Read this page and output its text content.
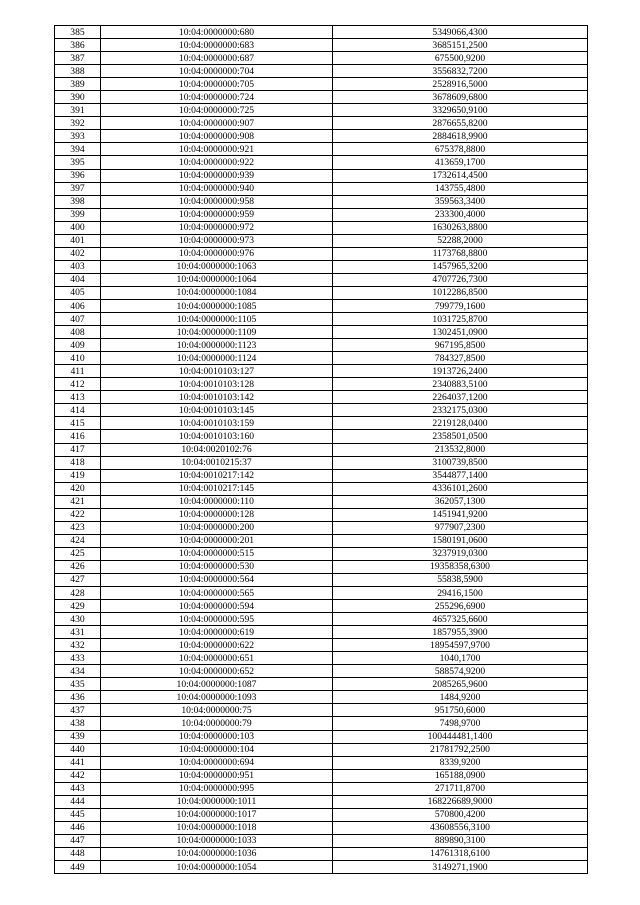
385	10:04:0000000:680	5349066,4300
386	10:04:0000000:683	3685151,2500
387	10:04:0000000:687	675500,9200
388	10:04:0000000:704	3556832,7200
389	10:04:0000000:705	2528916,5000
390	10:04:0000000:724	3678609,6800
391	10:04:0000000:725	3329650,9100
392	10:04:0000000:907	2876655,8200
393	10:04:0000000:908	2884618,9900
394	10:04:0000000:921	675378,8800
395	10:04:0000000:922	413659,1700
396	10:04:0000000:939	1732614,4500
397	10:04:0000000:940	143755,4800
398	10:04:0000000:958	359563,3400
399	10:04:0000000:959	233300,4000
400	10:04:0000000:972	1630263,8800
401	10:04:0000000:973	52288,2000
402	10:04:0000000:976	1173768,8800
403	10:04:0000000:1063	1457965,3200
404	10:04:0000000:1064	4707726,7300
405	10:04:0000000:1084	1012286,8500
406	10:04:0000000:1085	799779,1600
407	10:04:0000000:1105	1031725,8700
408	10:04:0000000:1109	1302451,0900
409	10:04:0000000:1123	967195,8500
410	10:04:0000000:1124	784327,8500
411	10:04:0010103:127	1913726,2400
412	10:04:0010103:128	2340883,5100
413	10:04:0010103:142	2264037,1200
414	10:04:0010103:145	2332175,0300
415	10:04:0010103:159	2219128,0400
416	10:04:0010103:160	2358501,0500
417	10:04:0020102:76	213532,8000
418	10:04:0010215:37	3100739,8500
419	10:04:0010217:142	3544877,1400
420	10:04:0010217:145	4336101,2600
421	10:04:0000000:110	362057,1300
422	10:04:0000000:128	1451941,9200
423	10:04:0000000:200	977907,2300
424	10:04:0000000:201	1580191,0600
425	10:04:0000000:515	3237919,0300
426	10:04:0000000:530	19358358,6300
427	10:04:0000000:564	55838,5900
428	10:04:0000000:565	29416,1500
429	10:04:0000000:594	255296,6900
430	10:04:0000000:595	4657325,6600
431	10:04:0000000:619	1857955,3900
432	10:04:0000000:622	18954597,9700
433	10:04:0000000:651	1040,1700
434	10:04:0000000:652	588574,9200
435	10:04:0000000:1087	2085265,9600
436	10:04:0000000:1093	1484,9200
437	10:04:0000000:75	951750,6000
438	10:04:0000000:79	7498,9700
439	10:04:0000000:103	100444481,1400
440	10:04:0000000:104	21781792,2500
441	10:04:0000000:694	8339,9200
442	10:04:0000000:951	165188,0900
443	10:04:0000000:995	271711,8700
444	10:04:0000000:1011	168226689,9000
445	10:04:0000000:1017	570800,4200
446	10:04:0000000:1018	43608556,3100
447	10:04:0000000:1033	889890,3100
448	10:04:0000000:1036	14761318,6100
449	10:04:0000000:1054	3149271,1900
